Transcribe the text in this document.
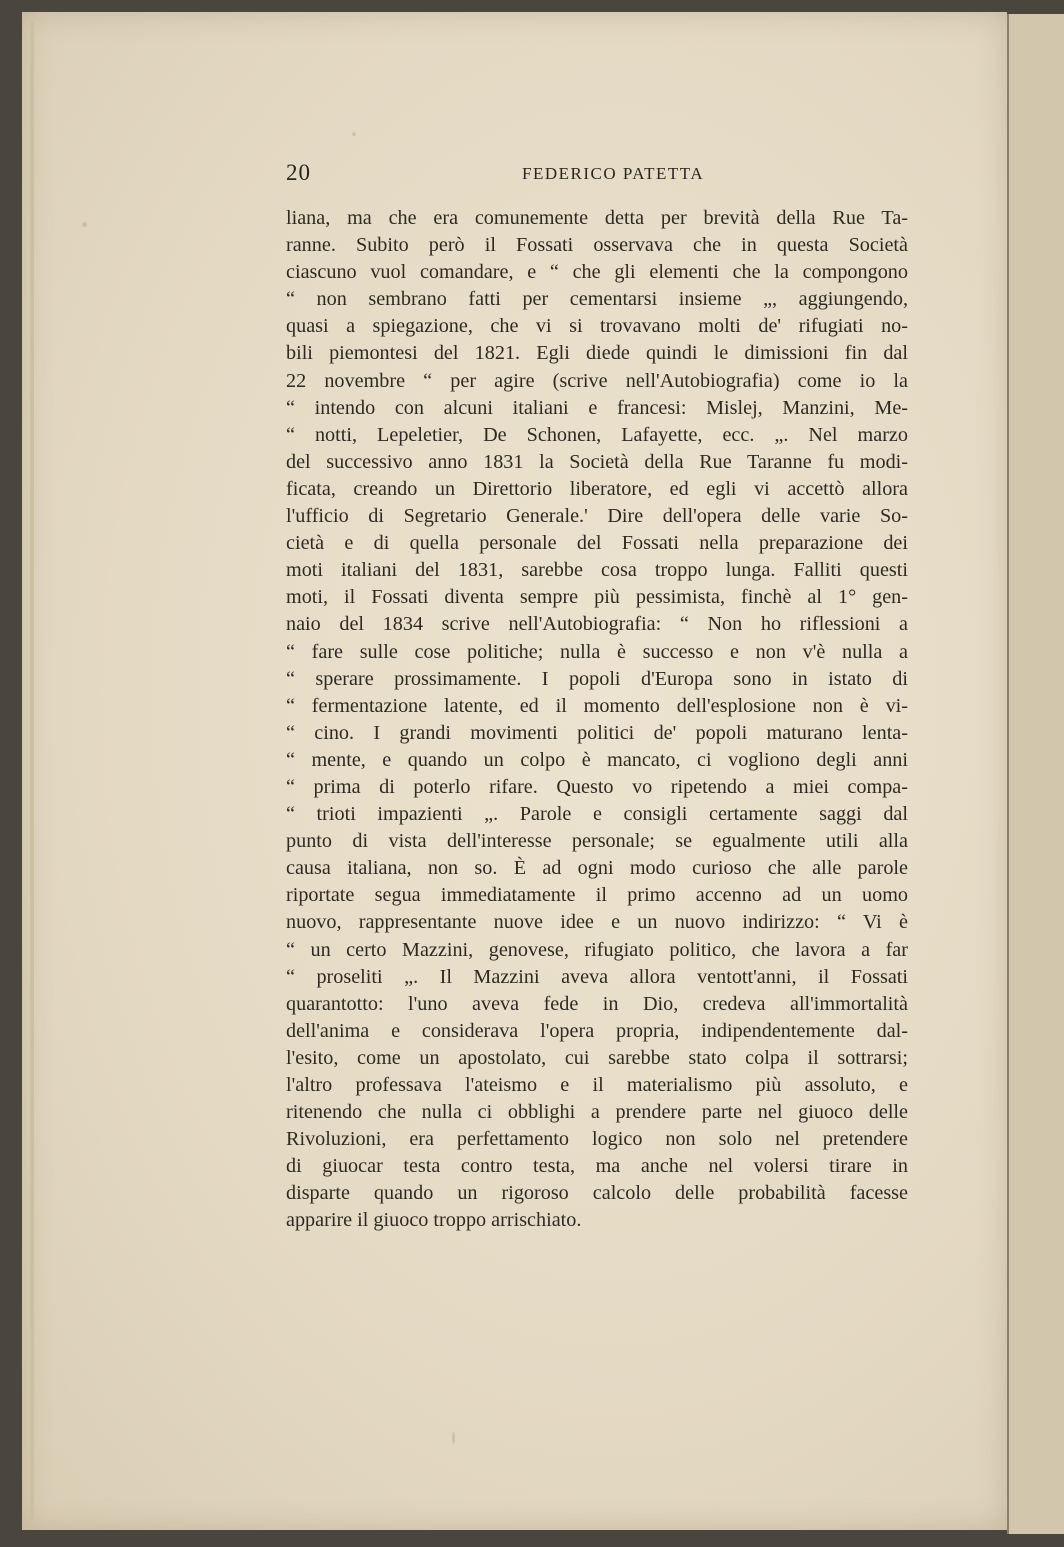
20	FEDERICO PATETTA
liana, ma che era comunemente detta per brevità della Rue Ta-
ranne. Subito però il Fossati osservava che in questa Società
ciascuno vuol comandare, e “ che gli elementi che la compongono
“ non sembrano fatti per cementarsi insieme „, aggiungendo,
quasi a spiegazione, che vi si trovavano molti de' rifugiati no-
bili piemontesi del 1821. Egli diede quindi le dimissioni fin dal
22 novembre “ per agire (scrive nell'Autobiografia) come io la
“ intendo con alcuni italiani e francesi: Mislej, Manzini, Me-
“ notti, Lepeletier, De Schonen, Lafayette, ecc. „. Nel marzo
del successivo anno 1831 la Società della Rue Taranne fu modi-
ficata, creando un Direttorio liberatore, ed egli vi accettò allora
l'ufficio di Segretario Generale.' Dire dell'opera delle varie So-
cietà e di quella personale del Fossati nella preparazione dei
moti italiani del 1831, sarebbe cosa troppo lunga. Falliti questi
moti, il Fossati diventa sempre più pessimista, finchè al 1° gen-
naio del 1834 scrive nell'Autobiografia: “ Non ho riflessioni a
“ fare sulle cose politiche; nulla è successo e non v'è nulla a
“ sperare prossimamente. I popoli d'Europa sono in istato di
“ fermentazione latente, ed il momento dell'esplosione non è vi-
“ cino. I grandi movimenti politici de' popoli maturano lenta-
“ mente, e quando un colpo è mancato, ci vogliono degli anni
“ prima di poterlo rifare. Questo vo ripetendo a miei compa-
“ trioti impazienti „. Parole e consigli certamente saggi dal
punto di vista dell'interesse personale; se egualmente utili alla
causa italiana, non so. È ad ogni modo curioso che alle parole
riportate segua immediatamente il primo accenno ad un uomo
nuovo, rappresentante nuove idee e un nuovo indirizzo: “ Vi è
“ un certo Mazzini, genovese, rifugiato politico, che lavora a far
“ proseliti „. Il Mazzini aveva allora ventott'anni, il Fossati
quarantotto: l'uno aveva fede in Dio, credeva all'immortalità
dell'anima e considerava l'opera propria, indipendentemente dal-
l'esito, come un apostolato, cui sarebbe stato colpa il sottrarsi;
l'altro professava l'ateismo e il materialismo più assoluto, e
ritenendo che nulla ci obblighi a prendere parte nel giuoco delle
Rivoluzioni, era perfettamento logico non solo nel pretendere
di giuocar testa contro testa, ma anche nel volersi tirare in
disparte quando un rigoroso calcolo delle probabilità facesse
apparire il giuoco troppo arrischiato.
